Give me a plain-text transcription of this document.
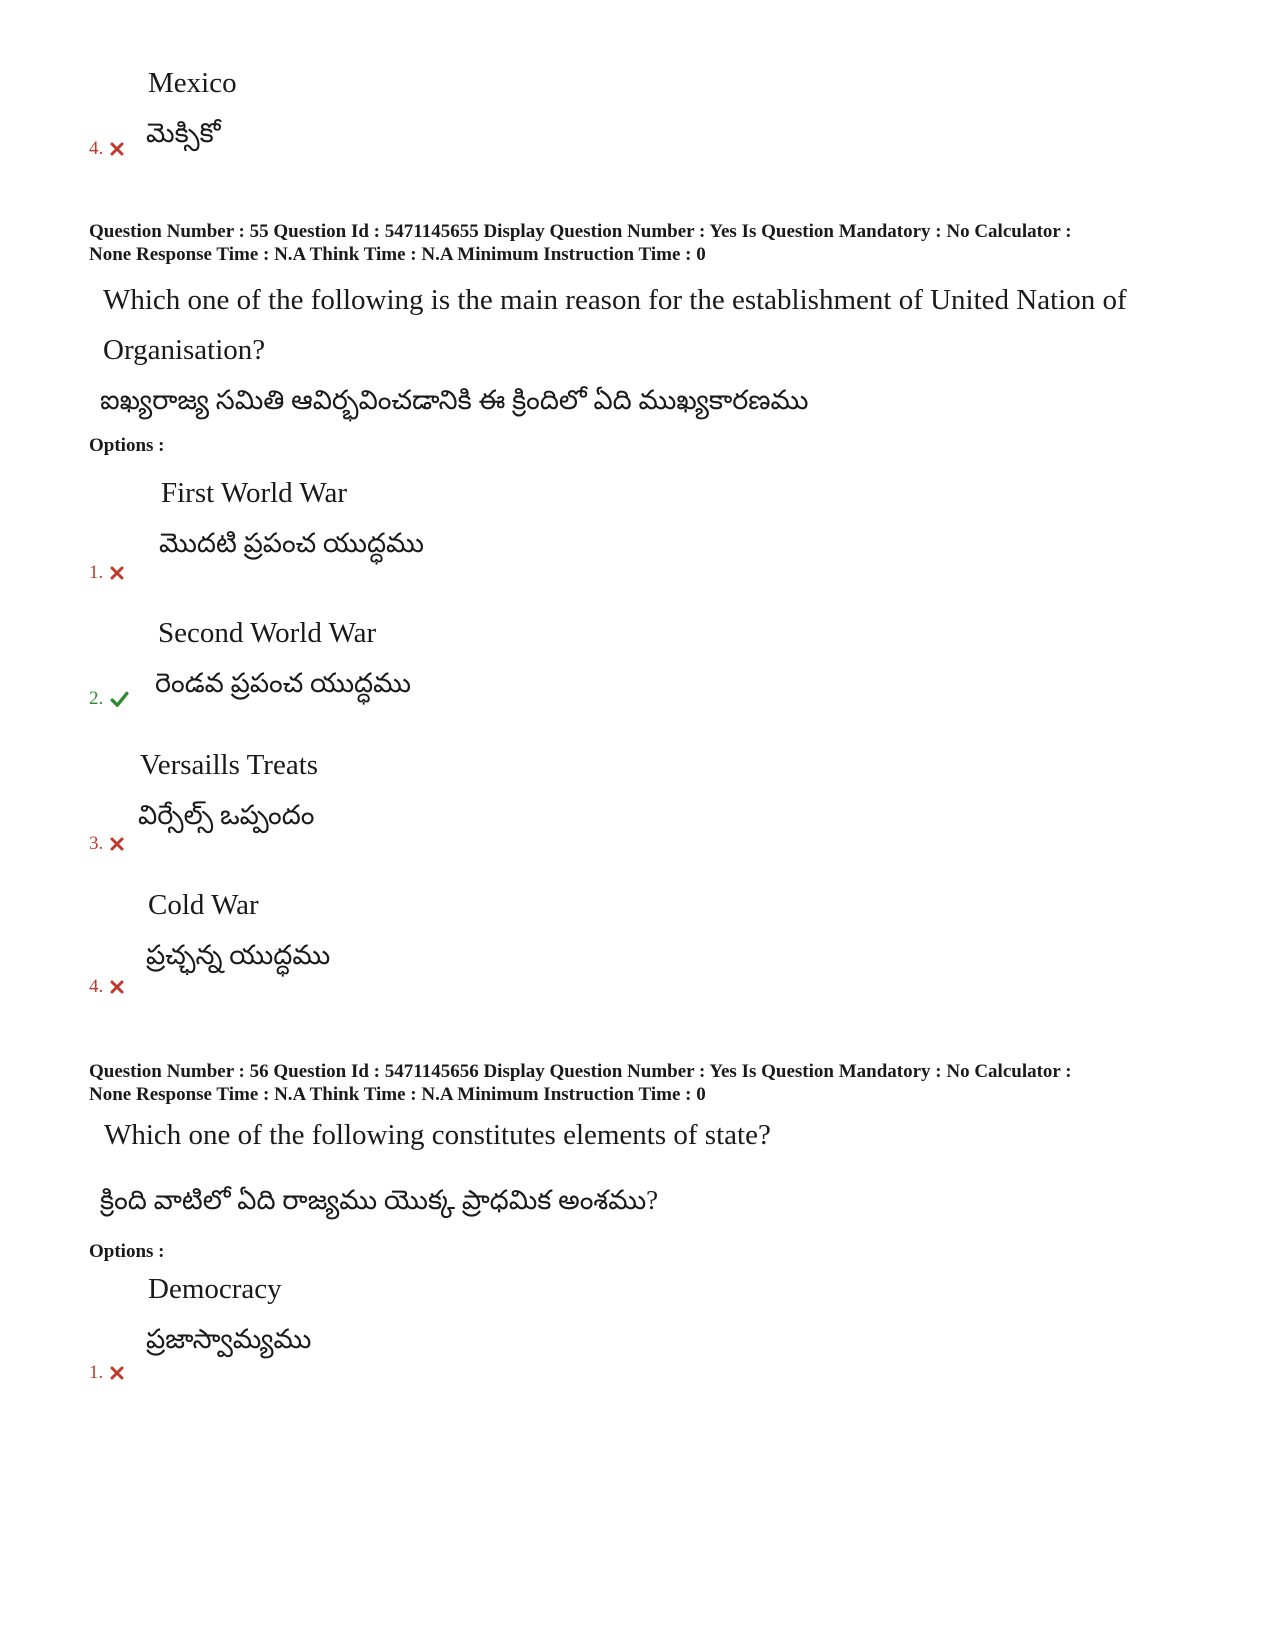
Mexico
మెక్సికో
4.
Question Number : 55 Question Id : 5471145655 Display Question Number : Yes Is Question Mandatory : No Calculator :
None Response Time : N.A Think Time : N.A Minimum Instruction Time : 0
Which one of the following is the main reason for the establishment of United Nation of
Organisation?
ఐఖ్యరాజ్య సమితి ఆవిర్భవించడానికి ఈ క్రిందిలో ఏది ముఖ్యకారణము
Options :
First World War
మొదటి ప్రపంచ యుద్ధము
1.
Second World War
రెండవ ప్రపంచ యుద్ధము
2.
Versaills Treats
విర్సేల్స్ ఒప్పందం
3.
Cold War
ప్రచ్ఛన్న యుద్ధము
4.
Question Number : 56 Question Id : 5471145656 Display Question Number : Yes Is Question Mandatory : No Calculator :
None Response Time : N.A Think Time : N.A Minimum Instruction Time : 0
Which one of the following constitutes elements of state?
క్రింది వాటిలో ఏది రాజ్యము యొక్క ప్రాధమిక అంశము?
Options :
Democracy
ప్రజాస్వామ్యము
1.
